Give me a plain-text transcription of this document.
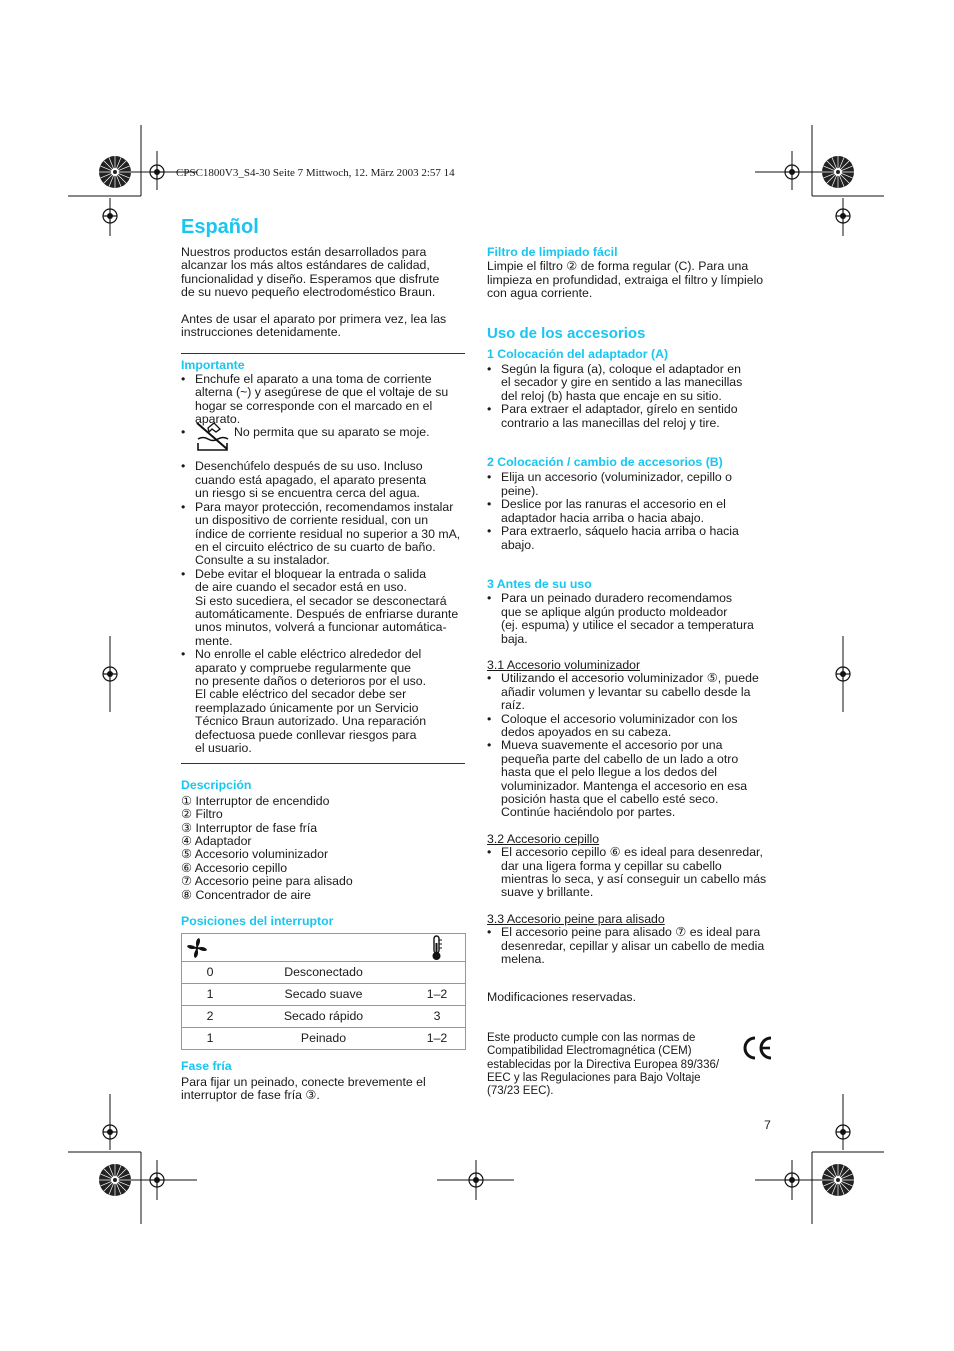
CPSC1800V3_S4-30 Seite 7 Mittwoch, 12. März 2003 2:57 14
Español

Nuestros productos están desarrollados para
alcanzar los más altos estándares de calidad,
funcionalidad y diseño. Esperamos que disfrute
de su nuevo pequeño electrodoméstico Braun.

Antes de usar el aparato por primera vez, lea las
instrucciones detenidamente.

Importante
• Enchufe el aparato a una toma de corriente
alterna (~) y asegúrese de que el voltaje de su
hogar se corresponde con el marcado en el
aparato.
• No permita que su aparato se moje.
• Desenchúfelo después de su uso. Incluso
cuando está apagado, el aparato presenta
un riesgo si se encuentra cerca del agua.
• Para mayor protección, recomendamos instalar
un dispositivo de corriente residual, con un
índice de corriente residual no superior a 30 mA,
en el circuito eléctrico de su cuarto de baño.
Consulte a su instalador.
• Debe evitar el bloquear la entrada o salida
de aire cuando el secador está en uso.
Si esto sucediera, el secador se desconectará
automáticamente. Después de enfriarse durante
unos minutos, volverá a funcionar automática-
mente.
• No enrolle el cable eléctrico alrededor del
aparato y compruebe regularmente que
no presente daños o deterioros por el uso.
El cable eléctrico del secador debe ser
reemplazado únicamente por un Servicio
Técnico Braun autorizado. Una reparación
defectuosa puede conllevar riesgos para
el usuario.
Descripción
① Interruptor de encendido
② Filtro
③ Interruptor de fase fría
④ Adaptador
⑤ Accesorio voluminizador
⑥ Accesorio cepillo
⑦ Accesorio peine para alisado
⑧ Concentrador de aire
Posiciones del interruptor

0	Desconectado	
1	Secado suave	1–2
2	Secado rápido	3
1	Peinado	1–2
Fase fría

Para fijar un peinado, conecte brevemente el
interruptor de fase fría ③.

Filtro de limpiado fácil

Limpie el filtro ② de forma regular (C). Para una
limpieza en profundidad, extraiga el filtro y límpielo
con agua corriente.

Uso de los accesorios
1 Colocación del adaptador (A)
• Según la figura (a), coloque el adaptador en
el secador y gire en sentido a las manecillas
del reloj (b) hasta que encaje en su sitio.
• Para extraer el adaptador, gírelo en sentido
contrario a las manecillas del reloj y tire.
2 Colocación / cambio de accesorios (B)
• Elija un accesorio (voluminizador, cepillo o
peine).
• Deslice por las ranuras el accesorio en el
adaptador hacia arriba o hacia abajo.
• Para extraerlo, sáquelo hacia arriba o hacia
abajo.
3 Antes de su uso
• Para un peinado duradero recomendamos
que se aplique algún producto moldeador
(ej. espuma) y utilice el secador a temperatura
baja.
3.1 Accesorio voluminizador
• Utilizando el accesorio voluminizador ⑤, puede
añadir volumen y levantar su cabello desde la
raíz.
• Coloque el accesorio voluminizador con los
dedos apoyados en su cabeza.
• Mueva suavemente el accesorio por una
pequeña parte del cabello de un lado a otro
hasta que el pelo llegue a los dedos del
voluminizador. Mantenga el accesorio en esa
posición hasta que el cabello esté seco.
Continúe haciéndolo por partes.
3.2 Accesorio cepillo
• El accesorio cepillo ⑥ es ideal para desenredar,
dar una ligera forma y cepillar su cabello
mientras lo seca, y así conseguir un cabello más
suave y brillante.
3.3 Accesorio peine para alisado
• El accesorio peine para alisado ⑦ es ideal para
desenredar, cepillar y alisar un cabello de media
melena.

Modificaciones reservadas.

Este producto cumple con las normas de
Compatibilidad Electromagnética (CEM)
establecidas por la Directiva Europea 89/336/
EEC y las Regulaciones para Bajo Voltaje
(73/23 EEC).
7
